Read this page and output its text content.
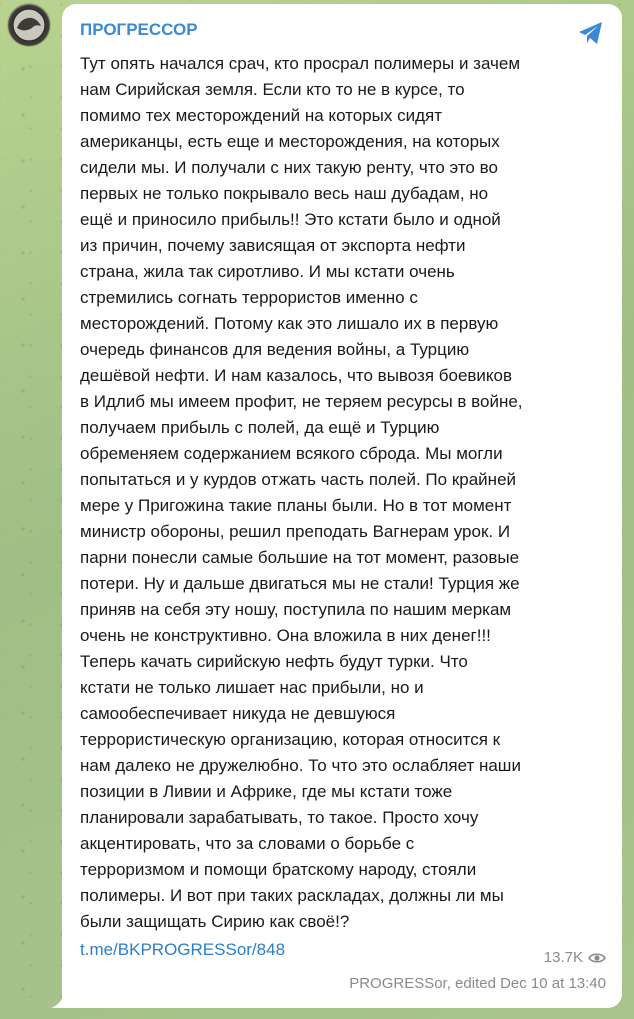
ПРОГРЕССОР
Тут опять начался срач, кто просрал полимеры и зачем
нам Сирийская земля. Если кто то не в курсе, то
помимо тех месторождений на которых сидят
американцы, есть еще и месторождения, на которых
сидели мы. И получали с них такую ренту, что это во
первых не только покрывало весь наш дубадам, но
ещё и приносило прибыль!! Это кстати было и одной
из причин, почему зависящая от экспорта нефти
страна, жила так сиротливо. И мы кстати очень
стремились согнать террористов именно с
месторождений. Потому как это лишало их в первую
очередь финансов для ведения войны, а Турцию
дешёвой нефти. И нам казалось, что вывозя боевиков
в Идлиб мы имеем профит, не теряем ресурсы в войне,
получаем прибыль с полей, да ещё и Турцию
обременяем содержанием всякого сброда. Мы могли
попытаться и у курдов отжать часть полей. По крайней
мере у Пригожина такие планы были. Но в тот момент
министр обороны, решил преподать Вагнерам урок. И
парни понесли самые большие на тот момент, разовые
потери. Ну и дальше двигаться мы не стали! Турция же
приняв на себя эту ношу, поступила по нашим меркам
очень не конструктивно. Она вложила в них денег!!!
Теперь качать сирийскую нефть будут турки. Что
кстати не только лишает нас прибыли, но и
самообеспечивает никуда не девшуюся
террористическую организацию, которая относится к
нам далеко не дружелюбно. То что это ослабляет наши
позиции в Ливии и Африке, где мы кстати тоже
планировали зарабатывать, то такое. Просто хочу
акцентировать, что за словами о борьбе с
терроризмом и помощи братскому народу, стояли
полимеры. И вот при таких раскладах, должны ли мы
были защищать Сирию как своё!?
t.me/BKPROGRESSor/848	13.7K
PROGRESSor, edited Dec 10 at 13:40
